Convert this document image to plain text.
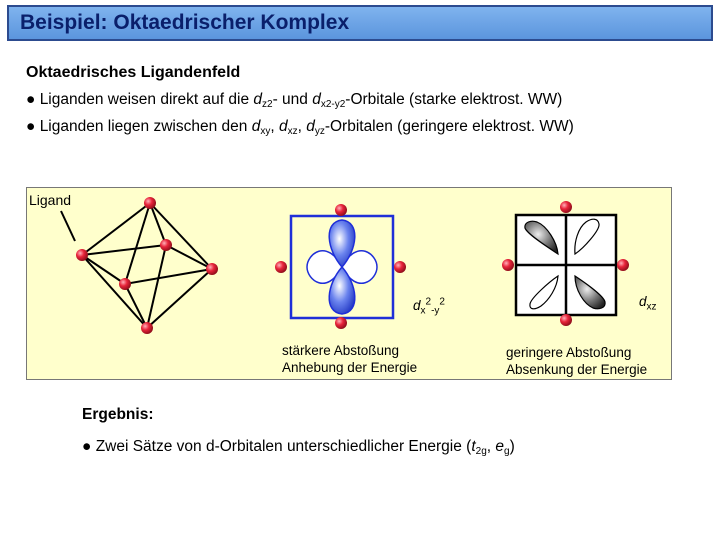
Beispiel: Oktaedrischer Komplex
Oktaedrisches Ligandenfeld
● Liganden weisen direkt auf die $d_{z2}-$ und $d_{x2-y2}$-Orbitale (starke elektrost. WW)
● Liganden liegen zwischen den $d_{xy}$, $d_{xz}$, $d_{yz}$-Orbitalen (geringere elektrost. WW)
Ligand
$d_x^2_{-y}^2$	$d_{xz}$
stärkere Abstoßung
Anhebung der Energie
geringere Abstoßung
Absenkung der Energie
Ergebnis:
● Zwei Sätze von d-Orbitalen unterschiedlicher Energie ($t_{2g}$, $e_g$)
